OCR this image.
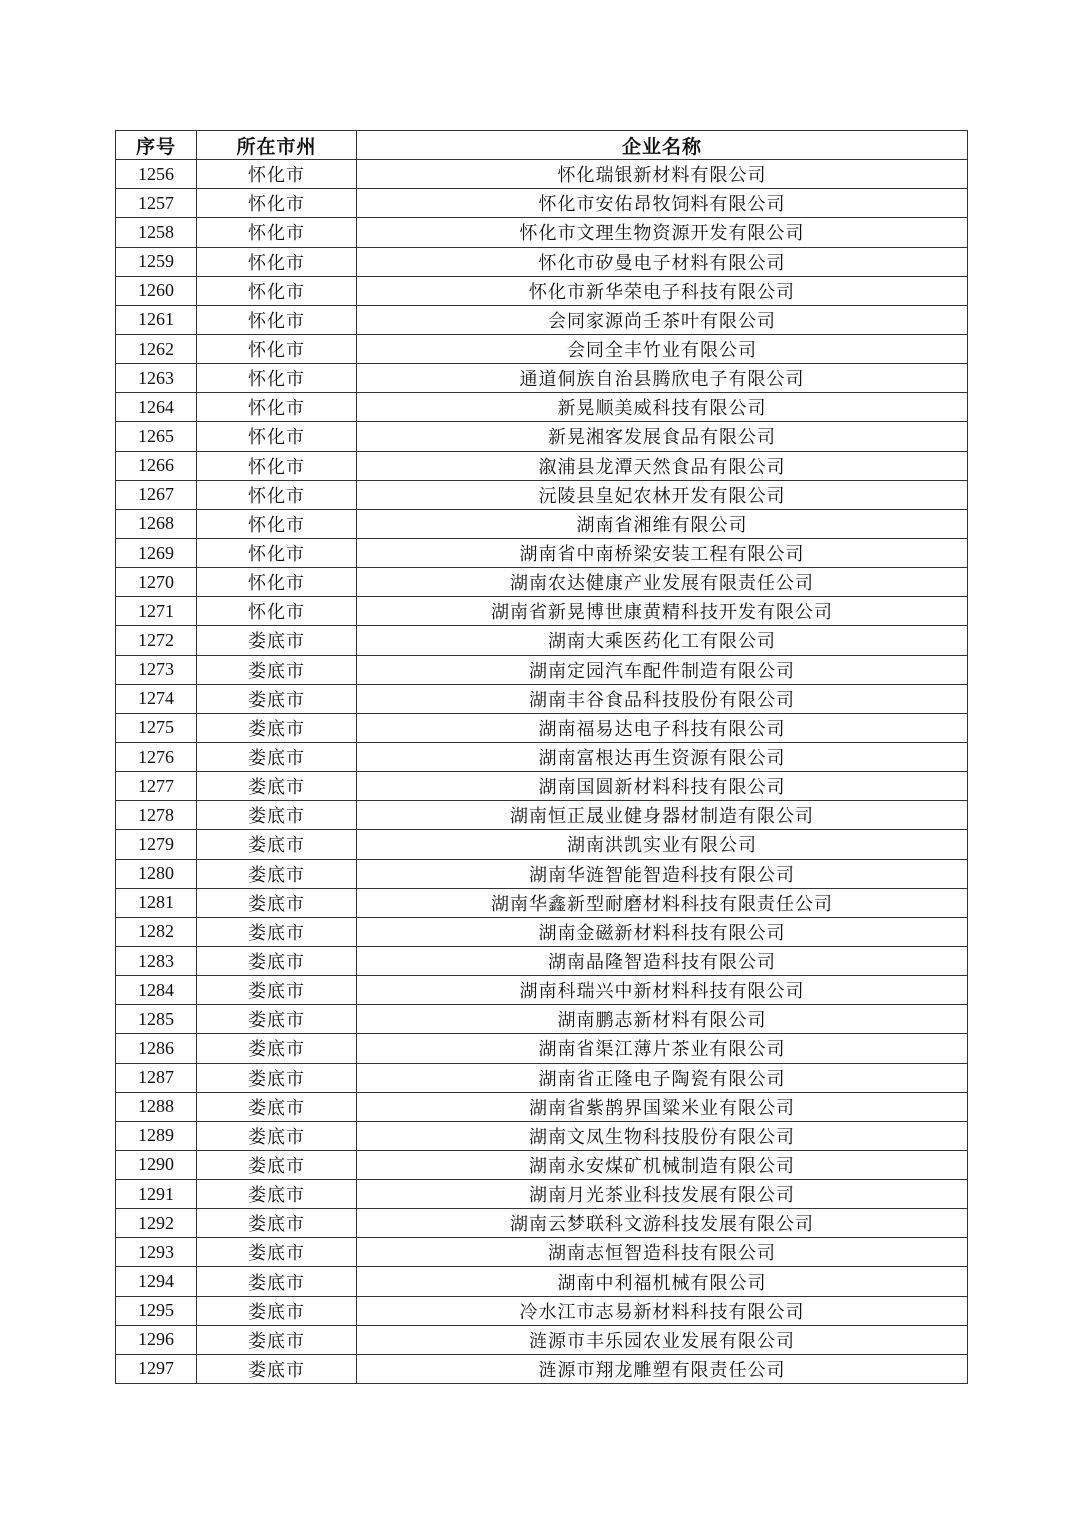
序号	所在市州	企业名称
1256	怀化市	怀化瑞银新材料有限公司
1257	怀化市	怀化市安佑昂牧饲料有限公司
1258	怀化市	怀化市文理生物资源开发有限公司
1259	怀化市	怀化市矽曼电子材料有限公司
1260	怀化市	怀化市新华荣电子科技有限公司
1261	怀化市	会同家源尚壬茶叶有限公司
1262	怀化市	会同全丰竹业有限公司
1263	怀化市	通道侗族自治县腾欣电子有限公司
1264	怀化市	新晃顺美威科技有限公司
1265	怀化市	新晃湘客发展食品有限公司
1266	怀化市	溆浦县龙潭天然食品有限公司
1267	怀化市	沅陵县皇妃农林开发有限公司
1268	怀化市	湖南省湘维有限公司
1269	怀化市	湖南省中南桥梁安装工程有限公司
1270	怀化市	湖南农达健康产业发展有限责任公司
1271	怀化市	湖南省新晃博世康黄精科技开发有限公司
1272	娄底市	湖南大乘医药化工有限公司
1273	娄底市	湖南定园汽车配件制造有限公司
1274	娄底市	湖南丰谷食品科技股份有限公司
1275	娄底市	湖南福易达电子科技有限公司
1276	娄底市	湖南富根达再生资源有限公司
1277	娄底市	湖南国圆新材料科技有限公司
1278	娄底市	湖南恒正晟业健身器材制造有限公司
1279	娄底市	湖南洪凯实业有限公司
1280	娄底市	湖南华涟智能智造科技有限公司
1281	娄底市	湖南华鑫新型耐磨材料科技有限责任公司
1282	娄底市	湖南金磁新材料科技有限公司
1283	娄底市	湖南晶隆智造科技有限公司
1284	娄底市	湖南科瑞兴中新材料科技有限公司
1285	娄底市	湖南鹏志新材料有限公司
1286	娄底市	湖南省渠江薄片茶业有限公司
1287	娄底市	湖南省正隆电子陶瓷有限公司
1288	娄底市	湖南省紫鹊界国粱米业有限公司
1289	娄底市	湖南文凤生物科技股份有限公司
1290	娄底市	湖南永安煤矿机械制造有限公司
1291	娄底市	湖南月光茶业科技发展有限公司
1292	娄底市	湖南云梦联科文游科技发展有限公司
1293	娄底市	湖南志恒智造科技有限公司
1294	娄底市	湖南中利福机械有限公司
1295	娄底市	冷水江市志易新材料科技有限公司
1296	娄底市	涟源市丰乐园农业发展有限公司
1297	娄底市	涟源市翔龙雕塑有限责任公司
